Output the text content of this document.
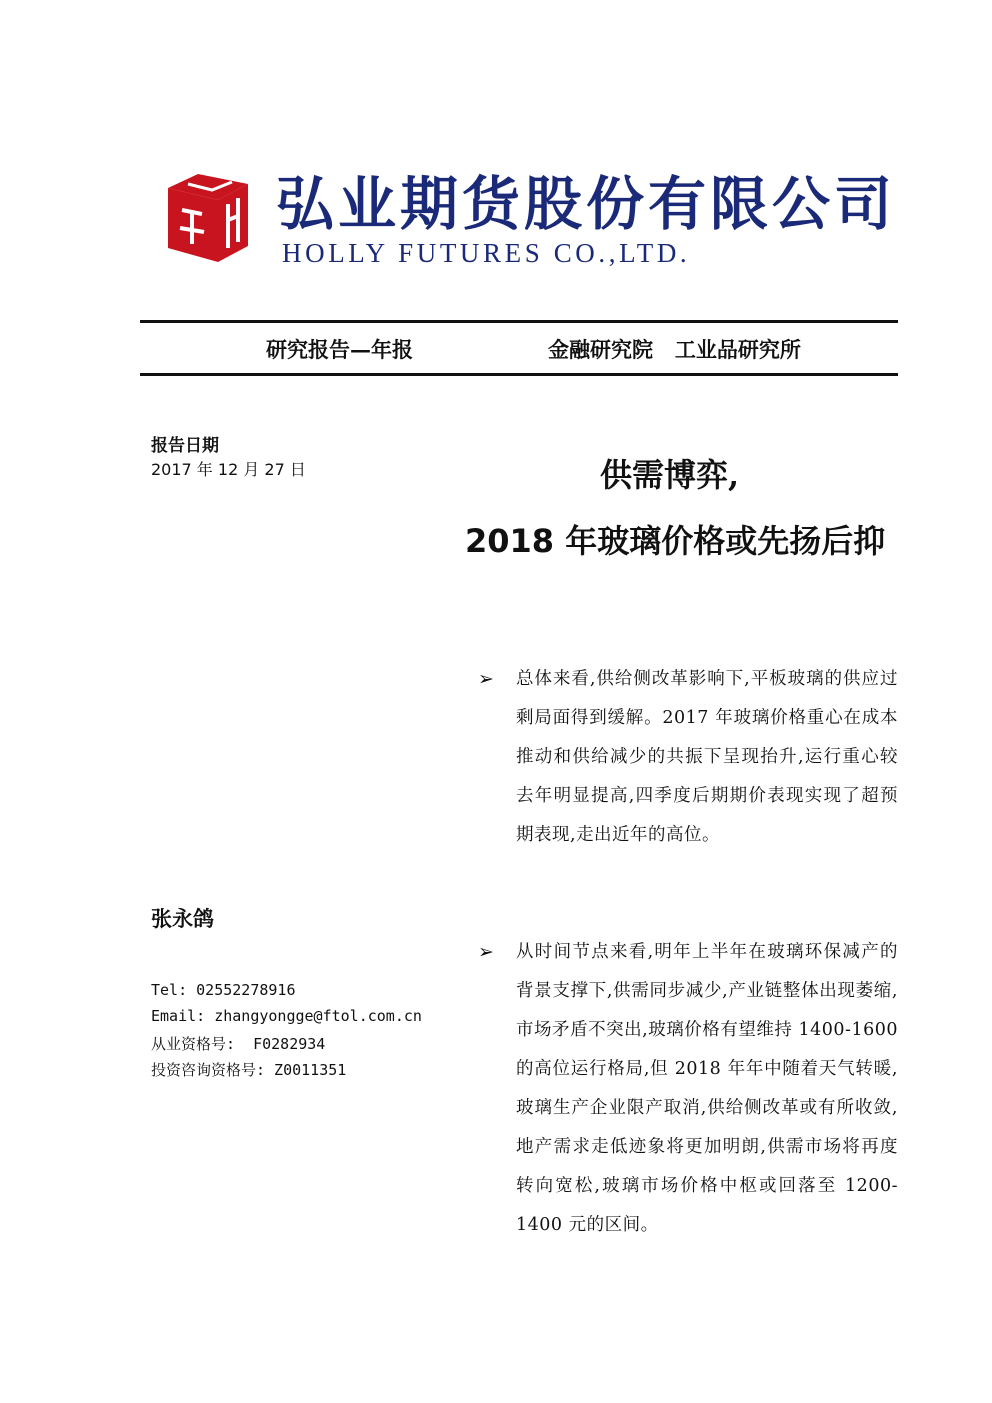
弘业期货股份有限公司
HOLLY FUTURES CO.,LTD.
研究报告—年报	金融研究院   工业品研究所
报告日期
2017 年 12 月 27 日
张永鸽
Tel: 02552278916
Email: zhangyongge@ftol.com.cn
从业资格号:  F0282934
投资咨询资格号: Z0011351
供需博弈,
2018 年玻璃价格或先扬后抑
➢ 总体来看,供给侧改革影响下,平板玻璃的供应过剩局面得到缓解。2017 年玻璃价格重心在成本推动和供给减少的共振下呈现抬升,运行重心较去年明显提高,四季度后期期价表现实现了超预期表现,走出近年的高位。
➢ 从时间节点来看,明年上半年在玻璃环保减产的背景支撑下,供需同步减少,产业链整体出现萎缩,市场矛盾不突出,玻璃价格有望维持 1400-1600 的高位运行格局,但 2018 年年中随着天气转暖,玻璃生产企业限产取消,供给侧改革或有所收敛,地产需求走低迹象将更加明朗,供需市场将再度转向宽松,玻璃市场价格中枢或回落至 1200-1400 元的区间。
